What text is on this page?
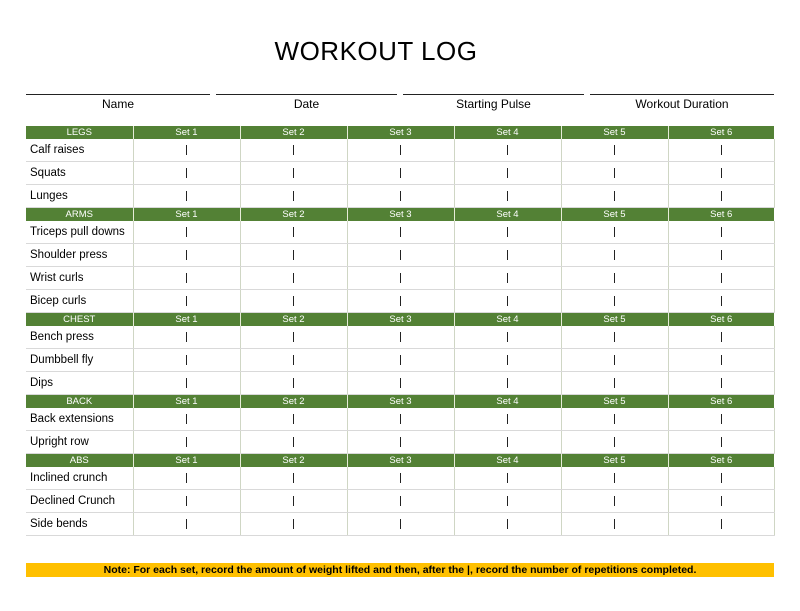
WORKOUT LOG
Name	Date	Starting Pulse	Workout Duration
LEGS	Set 1	Set 2	Set 3	Set 4	Set 5	Set 6
Calf raises						
Squats						
Lunges						
ARMS	Set 1	Set 2	Set 3	Set 4	Set 5	Set 6
Triceps pull downs						
Shoulder press						
Wrist curls						
Bicep curls						
CHEST	Set 1	Set 2	Set 3	Set 4	Set 5	Set 6
Bench press						
Dumbbell fly						
Dips						
BACK	Set 1	Set 2	Set 3	Set 4	Set 5	Set 6
Back extensions						
Upright row						
ABS	Set 1	Set 2	Set 3	Set 4	Set 5	Set 6
Inclined crunch						
Declined Crunch						
Side bends						
Note: For each set, record the amount of weight lifted and then, after the |, record the number of repetitions completed.
